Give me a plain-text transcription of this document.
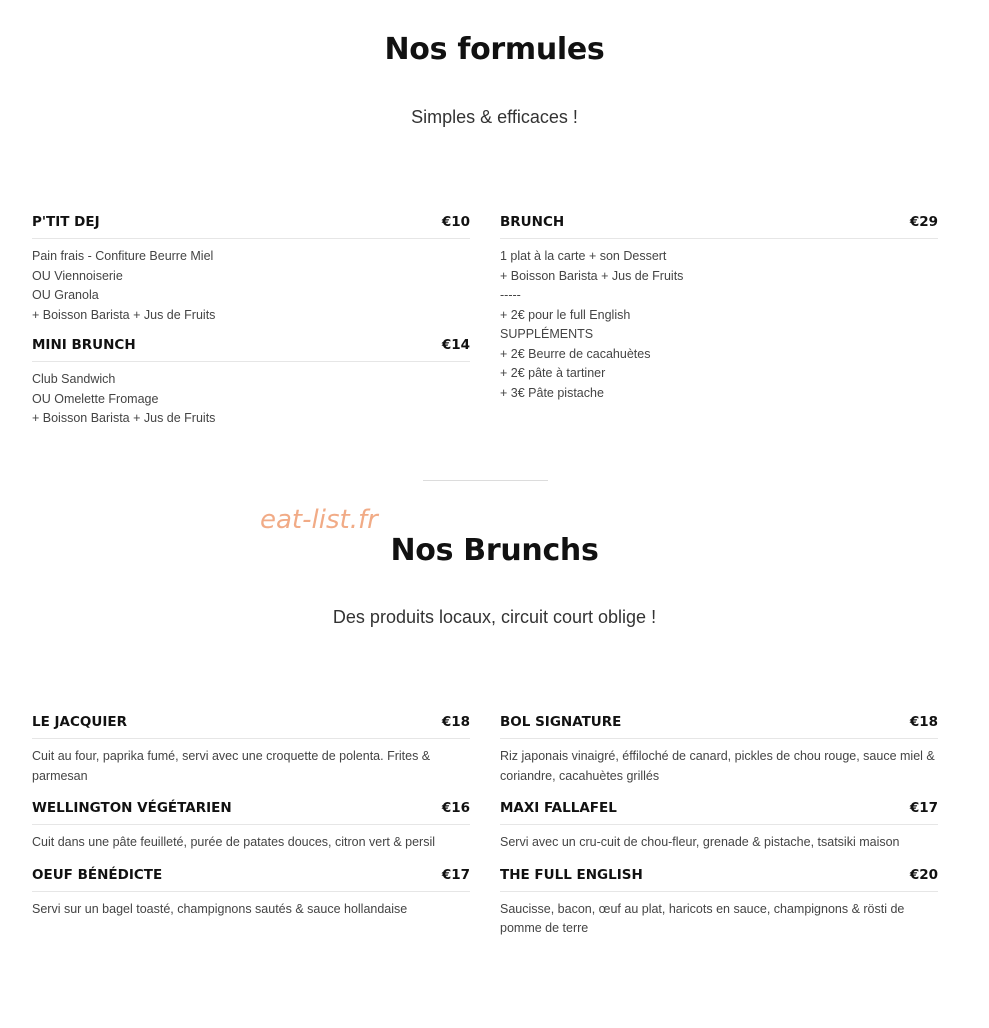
Nos formules
Simples & efficaces !
P'TIT DEJ	€10
Pain frais - Confiture Beurre Miel
OU Viennoiserie
OU Granola
+ Boisson Barista + Jus de Fruits
MINI BRUNCH	€14
Club Sandwich
OU Omelette Fromage
+ Boisson Barista + Jus de Fruits
BRUNCH	€29
1 plat à la carte + son Dessert
+ Boisson Barista + Jus de Fruits
-----
+ 2€ pour le full English
SUPPLÉMENTS
+ 2€ Beurre de cacahuètes
+ 2€ pâte à tartiner
+ 3€ Pâte pistache
eat-list.fr
Nos Brunchs
Des produits locaux, circuit court oblige !
LE JACQUIER	€18
Cuit au four, paprika fumé, servi avec une croquette de polenta. Frites & parmesan
WELLINGTON VÉGÉTARIEN	€16
Cuit dans une pâte feuilleté, purée de patates douces, citron vert & persil
OEUF BÉNÉDICTE	€17
Servi sur un bagel toasté, champignons sautés & sauce hollandaise
BOL SIGNATURE	€18
Riz japonais vinaigré, éffiloché de canard, pickles de chou rouge, sauce miel & coriandre, cacahuètes grillés
MAXI FALLAFEL	€17
Servi avec un cru-cuit de chou-fleur, grenade & pistache, tsatsiki maison
THE FULL ENGLISH	€20
Saucisse, bacon, œuf au plat, haricots en sauce, champignons & rösti de pomme de terre
